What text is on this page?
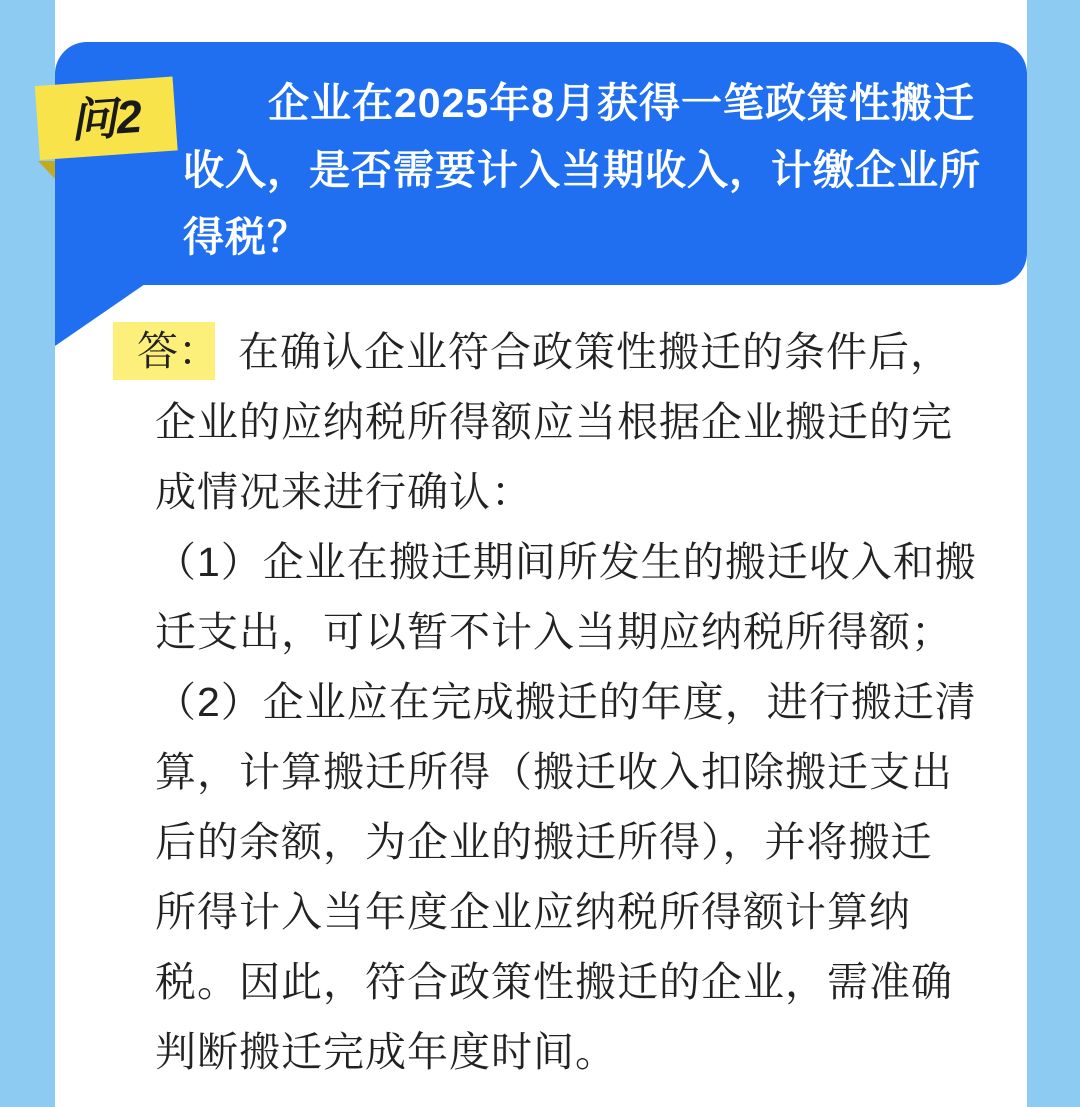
企业在2025年8月获得一笔政策性搬迁
收入，是否需要计入当期收入，计缴企业所
得税？
答： 在确认企业符合政策性搬迁的条件后，
企业的应纳税所得额应当根据企业搬迁的完
成情况来进行确认：
（1）企业在搬迁期间所发生的搬迁收入和搬
迁支出，可以暂不计入当期应纳税所得额；
（2）企业应在完成搬迁的年度，进行搬迁清
算，计算搬迁所得（搬迁收入扣除搬迁支出
后的余额，为企业的搬迁所得），并将搬迁
所得计入当年度企业应纳税所得额计算纳
税。因此，符合政策性搬迁的企业，需准确
判断搬迁完成年度时间。
问2
